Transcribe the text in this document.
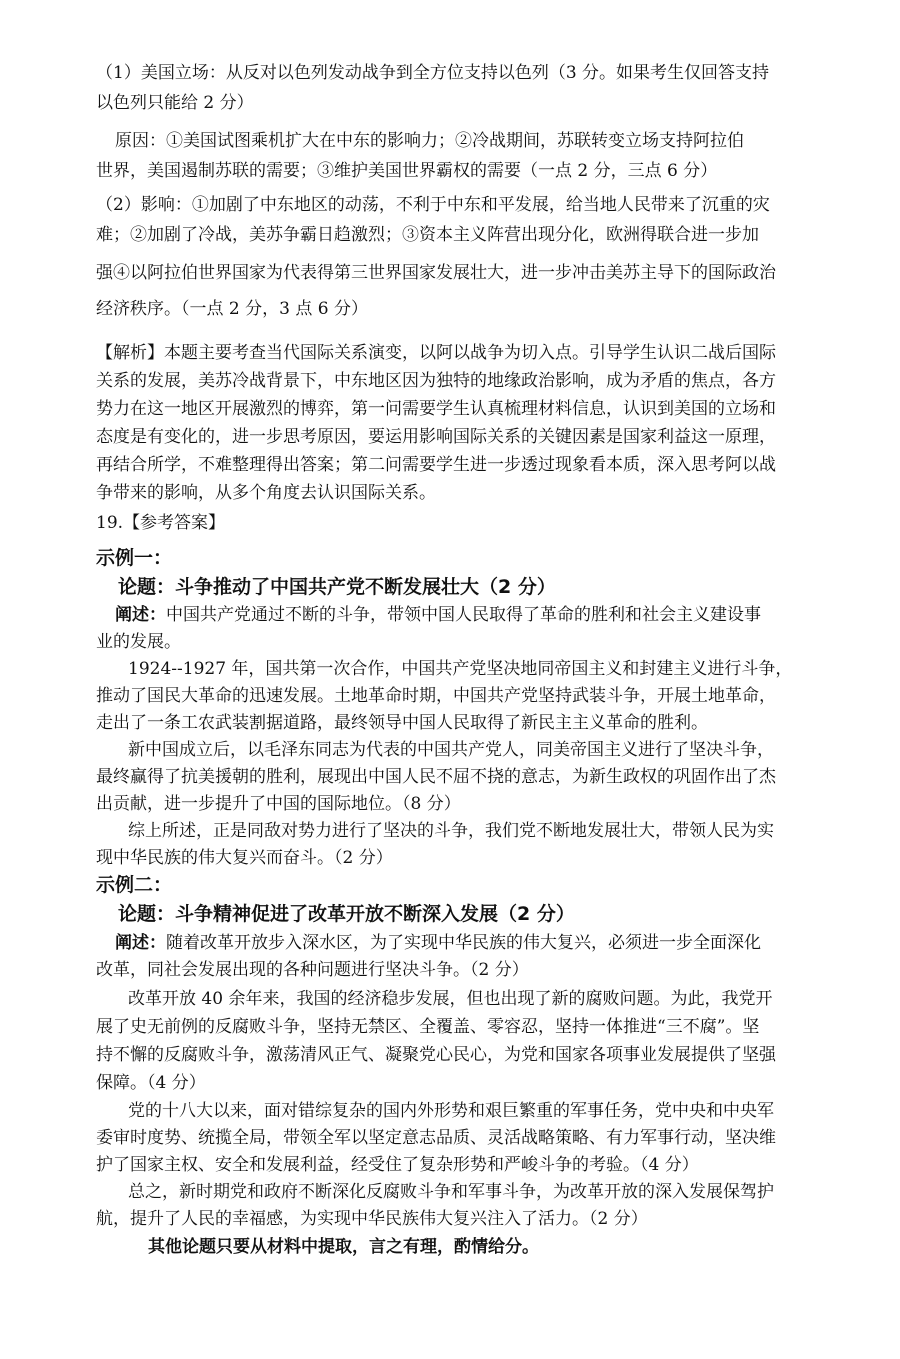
（1）美国立场：从反对以色列发动战争到全方位支持以色列（3 分。如果考生仅回答支持
以色列只能给 2 分）
原因：①美国试图乘机扩大在中东的影响力；②冷战期间，苏联转变立场支持阿拉伯
世界，美国遏制苏联的需要；③维护美国世界霸权的需要（一点 2 分，三点 6 分）
（2）影响：①加剧了中东地区的动荡，不利于中东和平发展，给当地人民带来了沉重的灾
难；②加剧了冷战，美苏争霸日趋激烈；③资本主义阵营出现分化，欧洲得联合进一步加
强④以阿拉伯世界国家为代表得第三世界国家发展壮大，进一步冲击美苏主导下的国际政治
经济秩序。（一点 2 分，3 点 6 分）
【解析】本题主要考查当代国际关系演变，以阿以战争为切入点。引导学生认识二战后国际
关系的发展，美苏冷战背景下，中东地区因为独特的地缘政治影响，成为矛盾的焦点，各方
势力在这一地区开展激烈的博弈，第一问需要学生认真梳理材料信息，认识到美国的立场和
态度是有变化的，进一步思考原因，要运用影响国际关系的关键因素是国家利益这一原理，
再结合所学，不难整理得出答案；第二问需要学生进一步透过现象看本质，深入思考阿以战
争带来的影响，从多个角度去认识国际关系。
19.【参考答案】
示例一：
论题：斗争推动了中国共产党不断发展壮大（2 分）
阐述：中国共产党通过不断的斗争，带领中国人民取得了革命的胜利和社会主义建设事
业的发展。
1924--1927 年，国共第一次合作，中国共产党坚决地同帝国主义和封建主义进行斗争，
推动了国民大革命的迅速发展。土地革命时期，中国共产党坚持武装斗争，开展土地革命，
走出了一条工农武装割据道路，最终领导中国人民取得了新民主主义革命的胜利。
新中国成立后，以毛泽东同志为代表的中国共产党人，同美帝国主义进行了坚决斗争，
最终赢得了抗美援朝的胜利，展现出中国人民不屈不挠的意志，为新生政权的巩固作出了杰
出贡献，进一步提升了中国的国际地位。（8 分）
综上所述，正是同敌对势力进行了坚决的斗争，我们党不断地发展壮大，带领人民为实
现中华民族的伟大复兴而奋斗。（2 分）
示例二：
论题：斗争精神促进了改革开放不断深入发展（2 分）
阐述：随着改革开放步入深水区，为了实现中华民族的伟大复兴，必须进一步全面深化
改革，同社会发展出现的各种问题进行坚决斗争。（2 分）
改革开放 40 余年来，我国的经济稳步发展，但也出现了新的腐败问题。为此，我党开
展了史无前例的反腐败斗争，坚持无禁区、全覆盖、零容忍，坚持一体推进“三不腐”。坚
持不懈的反腐败斗争，激荡清风正气、凝聚党心民心，为党和国家各项事业发展提供了坚强
保障。（4 分）
党的十八大以来，面对错综复杂的国内外形势和艰巨繁重的军事任务，党中央和中央军
委审时度势、统揽全局，带领全军以坚定意志品质、灵活战略策略、有力军事行动，坚决维
护了国家主权、安全和发展利益，经受住了复杂形势和严峻斗争的考验。（4 分）
总之，新时期党和政府不断深化反腐败斗争和军事斗争，为改革开放的深入发展保驾护
航，提升了人民的幸福感，为实现中华民族伟大复兴注入了活力。（2 分）
其他论题只要从材料中提取，言之有理，酌情给分。
